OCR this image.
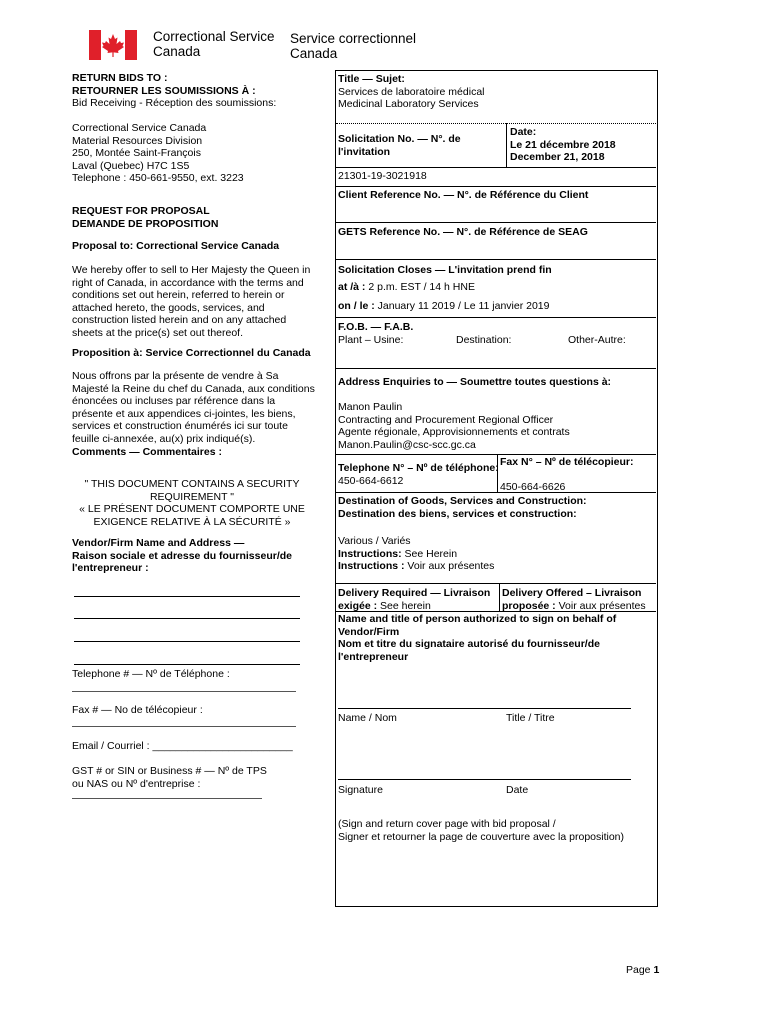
Correctional Service
Canada
Service correctionnel
Canada
RETURN BIDS TO :
RETOURNER LES SOUMISSIONS À :
Bid Receiving - Réception des soumissions:
Correctional Service Canada
Material Resources Division
250, Montée Saint-François
Laval (Quebec) H7C 1S5
Telephone : 450-661-9550, ext. 3223
REQUEST FOR PROPOSAL
DEMANDE DE PROPOSITION
Proposal to: Correctional Service Canada
We hereby offer to sell to Her Majesty the Queen in
right of Canada, in accordance with the terms and
conditions set out herein, referred to herein or
attached hereto, the goods, services, and
construction listed herein and on any attached
sheets at the price(s) set out thereof.
Proposition à: Service Correctionnel du Canada
Nous offrons par la présente de vendre à Sa
Majesté la Reine du chef du Canada, aux conditions
énoncées ou incluses par référence dans la
présente et aux appendices ci-jointes, les biens,
services et construction énumérés ici sur toute
feuille ci-annexée, au(x) prix indiqué(s).
Comments — Commentaires :
" THIS DOCUMENT CONTAINS A SECURITY
REQUIREMENT "
« LE PRÉSENT DOCUMENT COMPORTE UNE
EXIGENCE RELATIVE À LA SÉCURITÉ »
Vendor/Firm Name and Address —
Raison sociale et adresse du fournisseur/de
l'entrepreneur :
Telephone # — Nº de Téléphone :
Fax # — No de télécopieur :
Email / Courriel : ________________________
GST # or SIN or Business # — Nº de TPS
ou NAS ou Nº d'entreprise :
Title — Sujet:
Services de laboratoire médical
Medicinal Laboratory Services
Solicitation No. — N°. de
l'invitation
Date:
Le 21 décembre 2018
December 21, 2018
21301-19-3021918
Client Reference No. — N°. de Référence du Client
GETS Reference No. — N°. de Référence de SEAG
Solicitation Closes — L'invitation prend fin
at /à : 2 p.m. EST / 14 h HNE
on / le : January 11 2019 / Le 11 janvier 2019
F.O.B. — F.A.B.
Plant – Usine:	Destination:	Other-Autre:
Address Enquiries to — Soumettre toutes questions à:
Manon Paulin
Contracting and Procurement Regional Officer
Agente régionale, Approvisionnements et contrats
Manon.Paulin@csc-scc.gc.ca
Telephone N° – Nº de téléphone:
450-664-6612
Fax N° – Nº de télécopieur:
450-664-6626
Destination of Goods, Services and Construction:
Destination des biens, services et construction:
Various / Variés
Instructions: See Herein
Instructions : Voir aux présentes
Delivery Required — Livraison
exigée : See herein
Delivery Offered – Livraison
proposée : Voir aux présentes
Name and title of person authorized to sign on behalf of
Vendor/Firm
Nom et titre du signataire autorisé du fournisseur/de
l'entrepreneur
Name / Nom	Title / Titre
Signature	Date
(Sign and return cover page with bid proposal /
Signer et retourner la page de couverture avec la proposition)
Page 1
